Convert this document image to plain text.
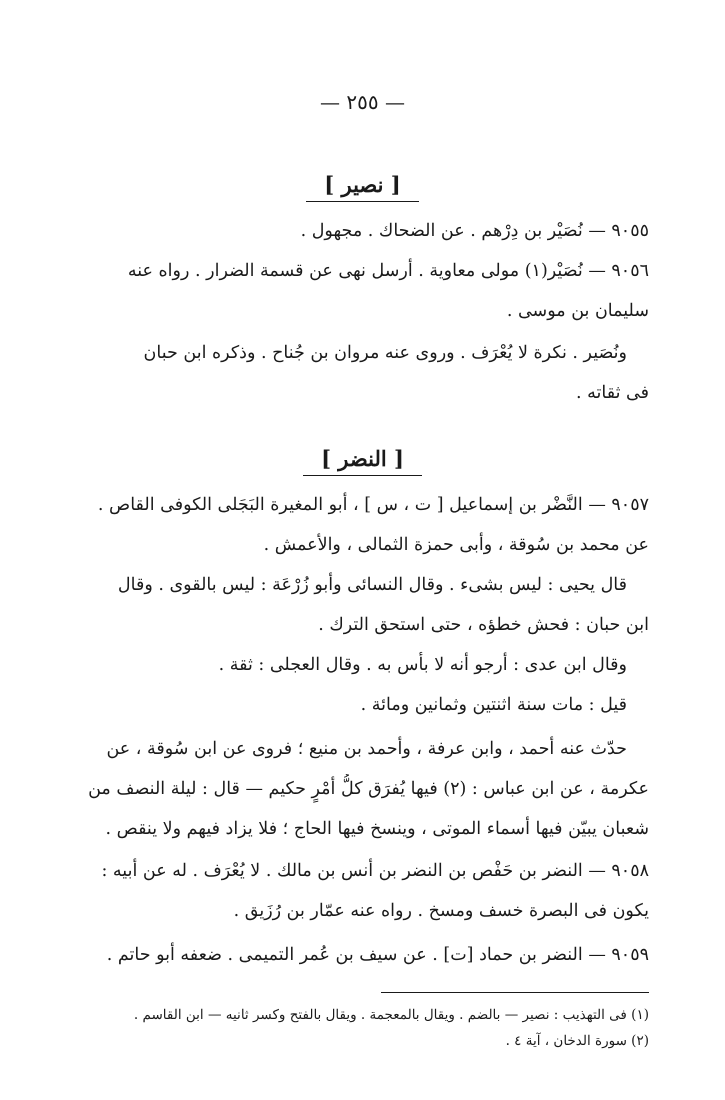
— ٢٥٥ —
[ نصير ]
٩٠٥٥ — نُصَيْر بن دِرْهم . عن الضحاك . مجهول .
٩٠٥٦ — نُصَيْر(١) مولى معاوية . أرسل نهى عن قسمة الضرار . رواه عنه
سليمان بن موسى .
ونُصَير . نكرة لا يُعْرَف . وروى عنه مروان بن جُناح . وذكره ابن حبان
فى ثقاته .
[ النضر ]
٩٠٥٧ — النَّضْر بن إسماعيل [ ت ، س ] ، أبو المغيرة البَجَلى الكوفى القاص .
عن محمد بن سُوقة ، وأبى حمزة الثمالى ، والأعمش .
قال يحيى : ليس بشىء . وقال النسائى وأبو زُرْعَة : ليس بالقوى . وقال
ابن حبان : فحش خطؤه ، حتى استحق الترك .
وقال ابن عدى : أرجو أنه لا بأس به . وقال العجلى : ثقة .
قيل : مات سنة اثنتين وثمانين ومائة .
حدّث عنه أحمد ، وابن عرفة ، وأحمد بن منيع ؛ فروى عن ابن سُوقة ، عن
عكرمة ، عن ابن عباس : (٢) فيها يُفرَق كلُّ أمْرٍ حكيم — قال : ليلة النصف من
شعبان يبيّن فيها أسماء الموتى ، وينسخ فيها الحاج ؛ فلا يزاد فيهم ولا ينقص .
٩٠٥٨ — النضر بن حَفْص بن النضر بن أنس بن مالك . لا يُعْرَف . له عن أبيه :
يكون فى البصرة خسف ومسخ . رواه عنه عمّار بن رُزَيق .
٩٠٥٩ — النضر بن حماد [ت] . عن سيف بن عُمر التميمى . ضعفه أبو حاتم .
(١) فى التهذيب : نصير — بالضم . ويقال بالمعجمة . ويقال بالفتح وكسر ثانيه — ابن القاسم .
(٢) سورة الدخان ، آية ٤ .
